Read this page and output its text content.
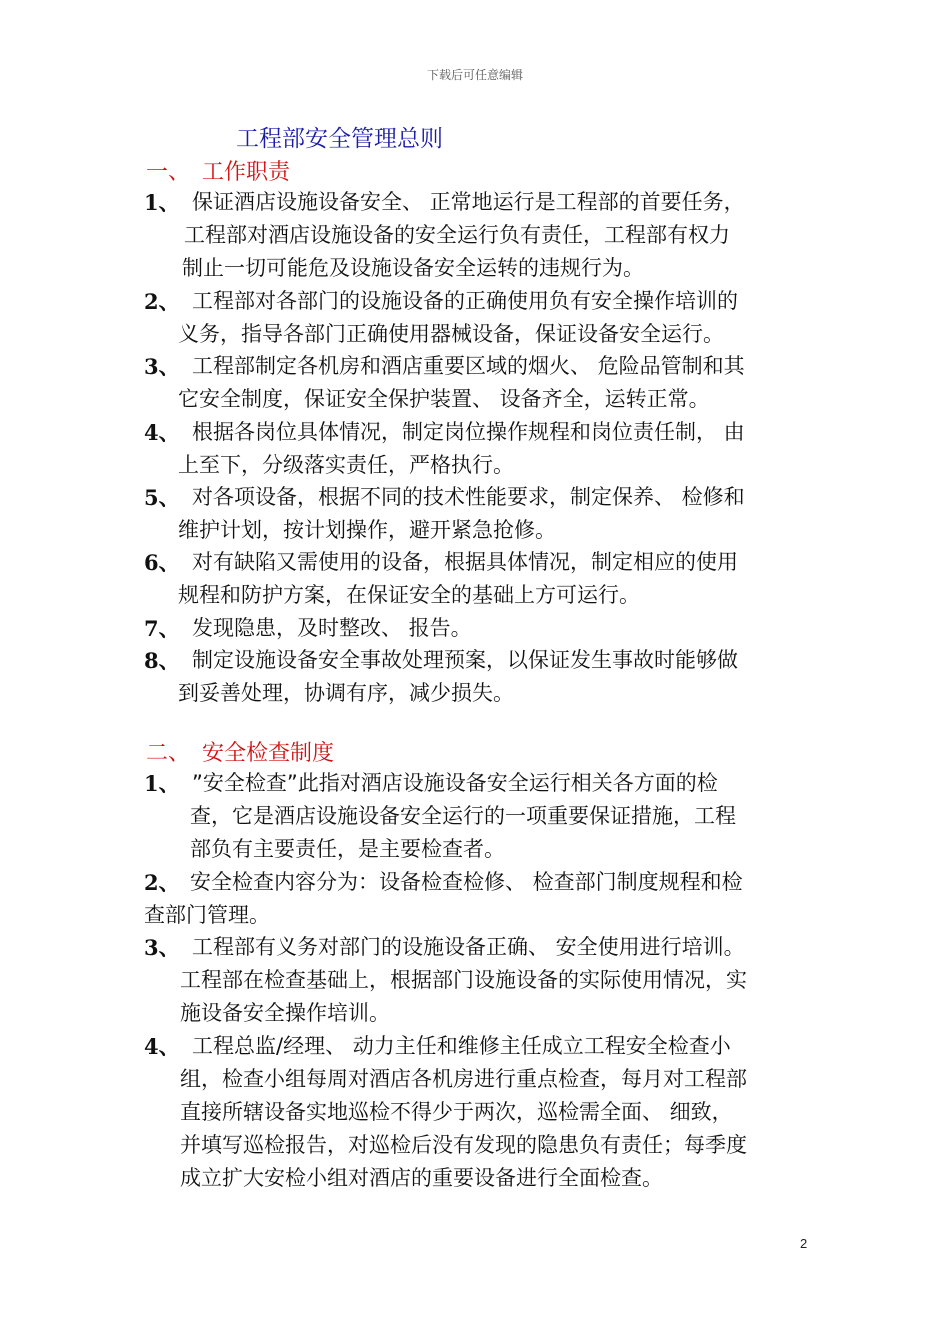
下载后可任意编辑
工程部安全管理总则
一、 工作职责
1、 保证酒店设施设备安全、 正常地运行是工程部的首要任务，
工程部对酒店设施设备的安全运行负有责任，工程部有权力
制止一切可能危及设施设备安全运转的违规行为。
2、 工程部对各部门的设施设备的正确使用负有安全操作培训的
义务，指导各部门正确使用器械设备，保证设备安全运行。
3、 工程部制定各机房和酒店重要区域的烟火、 危险品管制和其
它安全制度，保证安全保护装置、 设备齐全，运转正常。
4、 根据各岗位具体情况，制定岗位操作规程和岗位责任制， 由
上至下，分级落实责任，严格执行。
5、 对各项设备，根据不同的技术性能要求，制定保养、 检修和
维护计划，按计划操作，避开紧急抢修。
6、 对有缺陷又需使用的设备，根据具体情况，制定相应的使用
规程和防护方案，在保证安全的基础上方可运行。
7、 发现隐患，及时整改、 报告。
8、 制定设施设备安全事故处理预案，以保证发生事故时能够做
到妥善处理，协调有序，减少损失。
二、 安全检查制度
1、 ”安全检查”此指对酒店设施设备安全运行相关各方面的检
查，它是酒店设施设备安全运行的一项重要保证措施，工程
部负有主要责任，是主要检查者。
2、 安全检查内容分为：设备检查检修、 检查部门制度规程和检
查部门管理。
3、 工程部有义务对部门的设施设备正确、 安全使用进行培训。
工程部在检查基础上，根据部门设施设备的实际使用情况，实
施设备安全操作培训。
4、 工程总监/经理、 动力主任和维修主任成立工程安全检查小
组，检查小组每周对酒店各机房进行重点检查，每月对工程部
直接所辖设备实地巡检不得少于两次，巡检需全面、 细致，
并填写巡检报告，对巡检后没有发现的隐患负有责任；每季度
成立扩大安检小组对酒店的重要设备进行全面检查。
2
